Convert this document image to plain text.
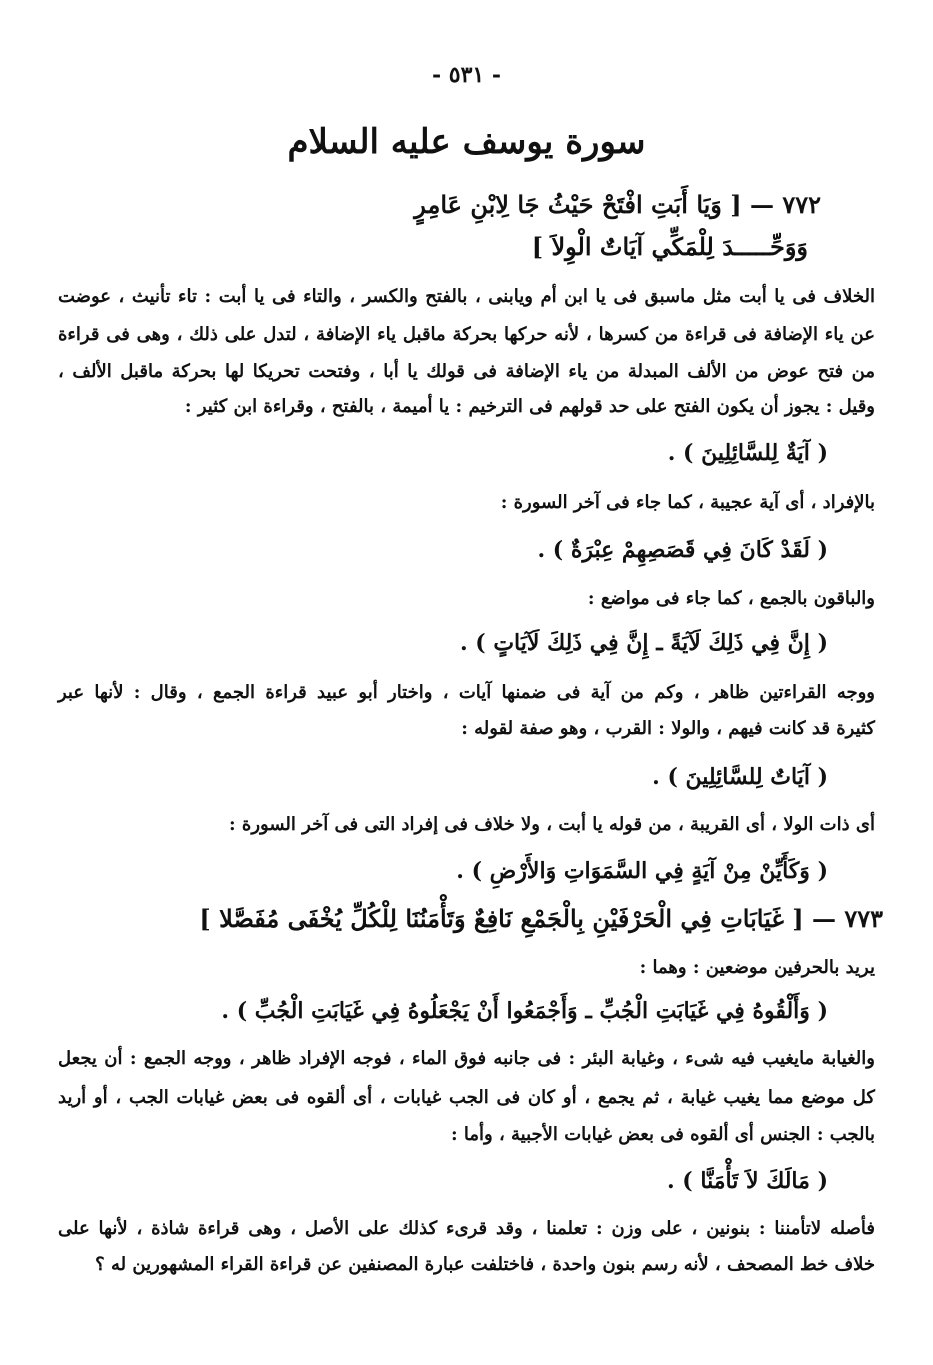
- ٥٣١ -
سورة يوسف عليه السلام
٧٧٢ — [ وَيَا أَبَتِ افْتَحْ حَيْثُ جَا لِابْنِ عَامِرٍ
وَوَحِّـــــدَ لِلْمَكِّي آيَاتٌ الْوِلاَ ]
الخلاف فى يا أبت مثل ماسبق فى يا ابن أم ويابنى ، بالفتح والكسر ، والتاء فى يا أبت : تاء تأنيث ، عوضت
عن ياء الإضافة فى قراءة من كسرها ، لأنه حركها بحركة ماقبل ياء الإضافة ، لتدل على ذلك ، وهى فى قراءة
من فتح عوض من الألف المبدلة من ياء الإضافة فى قولك يا أبا ، وفتحت تحريكا لها بحركة ماقبل الألف ،
وقيل : يجوز أن يكون الفتح على حد قولهم فى الترخيم : يا أميمة ، بالفتح ، وقراءة ابن كثير :
( آيَةٌ لِلسَّائِلِينَ ) .
بالإفراد ، أى آية عجيبة ، كما جاء فى آخر السورة :
( لَقَدْ كَانَ فِي قَصَصِهِمْ عِبْرَةٌ ) .
والباقون بالجمع ، كما جاء فى مواضع :
( إِنَّ فِي ذَلِكَ لَآيَةً ـ إِنَّ فِي ذَلِكَ لَآيَاتٍ ) .
ووجه القراءتين ظاهر ، وكم من آية فى ضمنها آيات ، واختار أبو عبيد قراءة الجمع ، وقال : لأنها عبر
كثيرة قد كانت فيهم ، والولا : القرب ، وهو صفة لقوله :
( آيَاتٌ لِلسَّائِلِينَ ) .
أى ذات الولا ، أى القريبة ، من قوله يا أبت ، ولا خلاف فى إفراد التى فى آخر السورة :
( وَكَأَيِّنْ مِنْ آيَةٍ فِي السَّمَوَاتِ وَالأَرْضِ ) .
٧٧٣ — [ غَيَابَاتِ فِي الْحَرْفَيْنِ بِالْجَمْعِ نَافِعٌ وَتَأْمَنُنَا لِلْكُلِّ يُخْفَى مُفَصَّلا ]
يريد بالحرفين موضعين : وهما :
( وَأَلْقُوهُ فِي غَيَابَتِ الْجُبِّ ـ وَأَجْمَعُوا أَنْ يَجْعَلُوهُ فِي غَيَابَتِ الْجُبِّ ) .
والغيابة مايغيب فيه شىء ، وغيابة البئر : فى جانبه فوق الماء ، فوجه الإفراد ظاهر ، ووجه الجمع : أن يجعل
كل موضع مما يغيب غيابة ، ثم يجمع ، أو كان فى الجب غيابات ، أى ألقوه فى بعض غيابات الجب ، أو أريد
بالجب : الجنس أى ألقوه فى بعض غيابات الأجبية ، وأما :
( مَالَكَ لاَ تَأْمَنَّا ) .
فأصله لاتأمننا : بنونين ، على وزن : تعلمنا ، وقد قرىء كذلك على الأصل ، وهى قراءة شاذة ، لأنها على
خلاف خط المصحف ، لأنه رسم بنون واحدة ، فاختلفت عبارة المصنفين عن قراءة القراء المشهورين له ؟
